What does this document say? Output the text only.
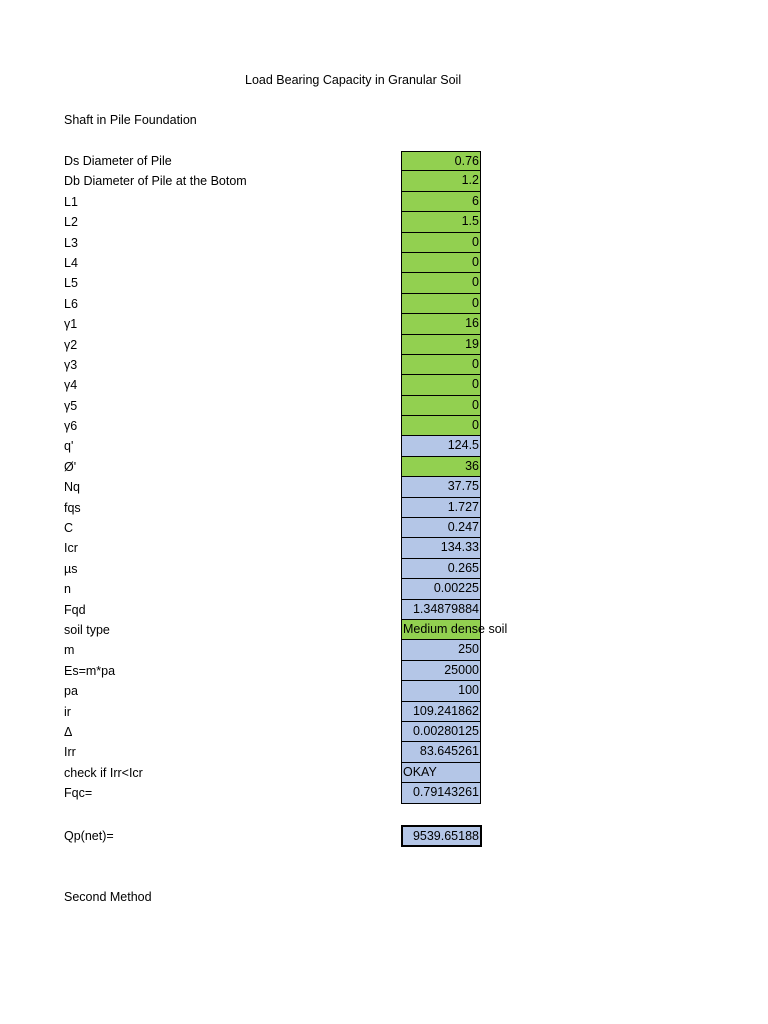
Load Bearing Capacity in Granular Soil
Shaft in Pile Foundation
Ds Diameter of Pile	0.76
Db Diameter of Pile at the Botom	1.2
L1	6
L2	1.5
L3	0
L4	0
L5	0
L6	0
γ1	16
γ2	19
γ3	0
γ4	0
γ5	0
γ6	0
q'	124.5
Ø'	36
Nq	37.75
fqs	1.727
C	0.247
Icr	134.33
µs	0.265
n	0.00225
Fqd	1.34879884
soil type	Medium dense soil
m	250
Es=m*pa	25000
pa	100
ir	109.241862
Δ	0.00280125
Irr	83.645261
check if Irr<Icr	OKAY
Fqc=	0.79143261
Qp(net)=	9539.65188
Second Method
